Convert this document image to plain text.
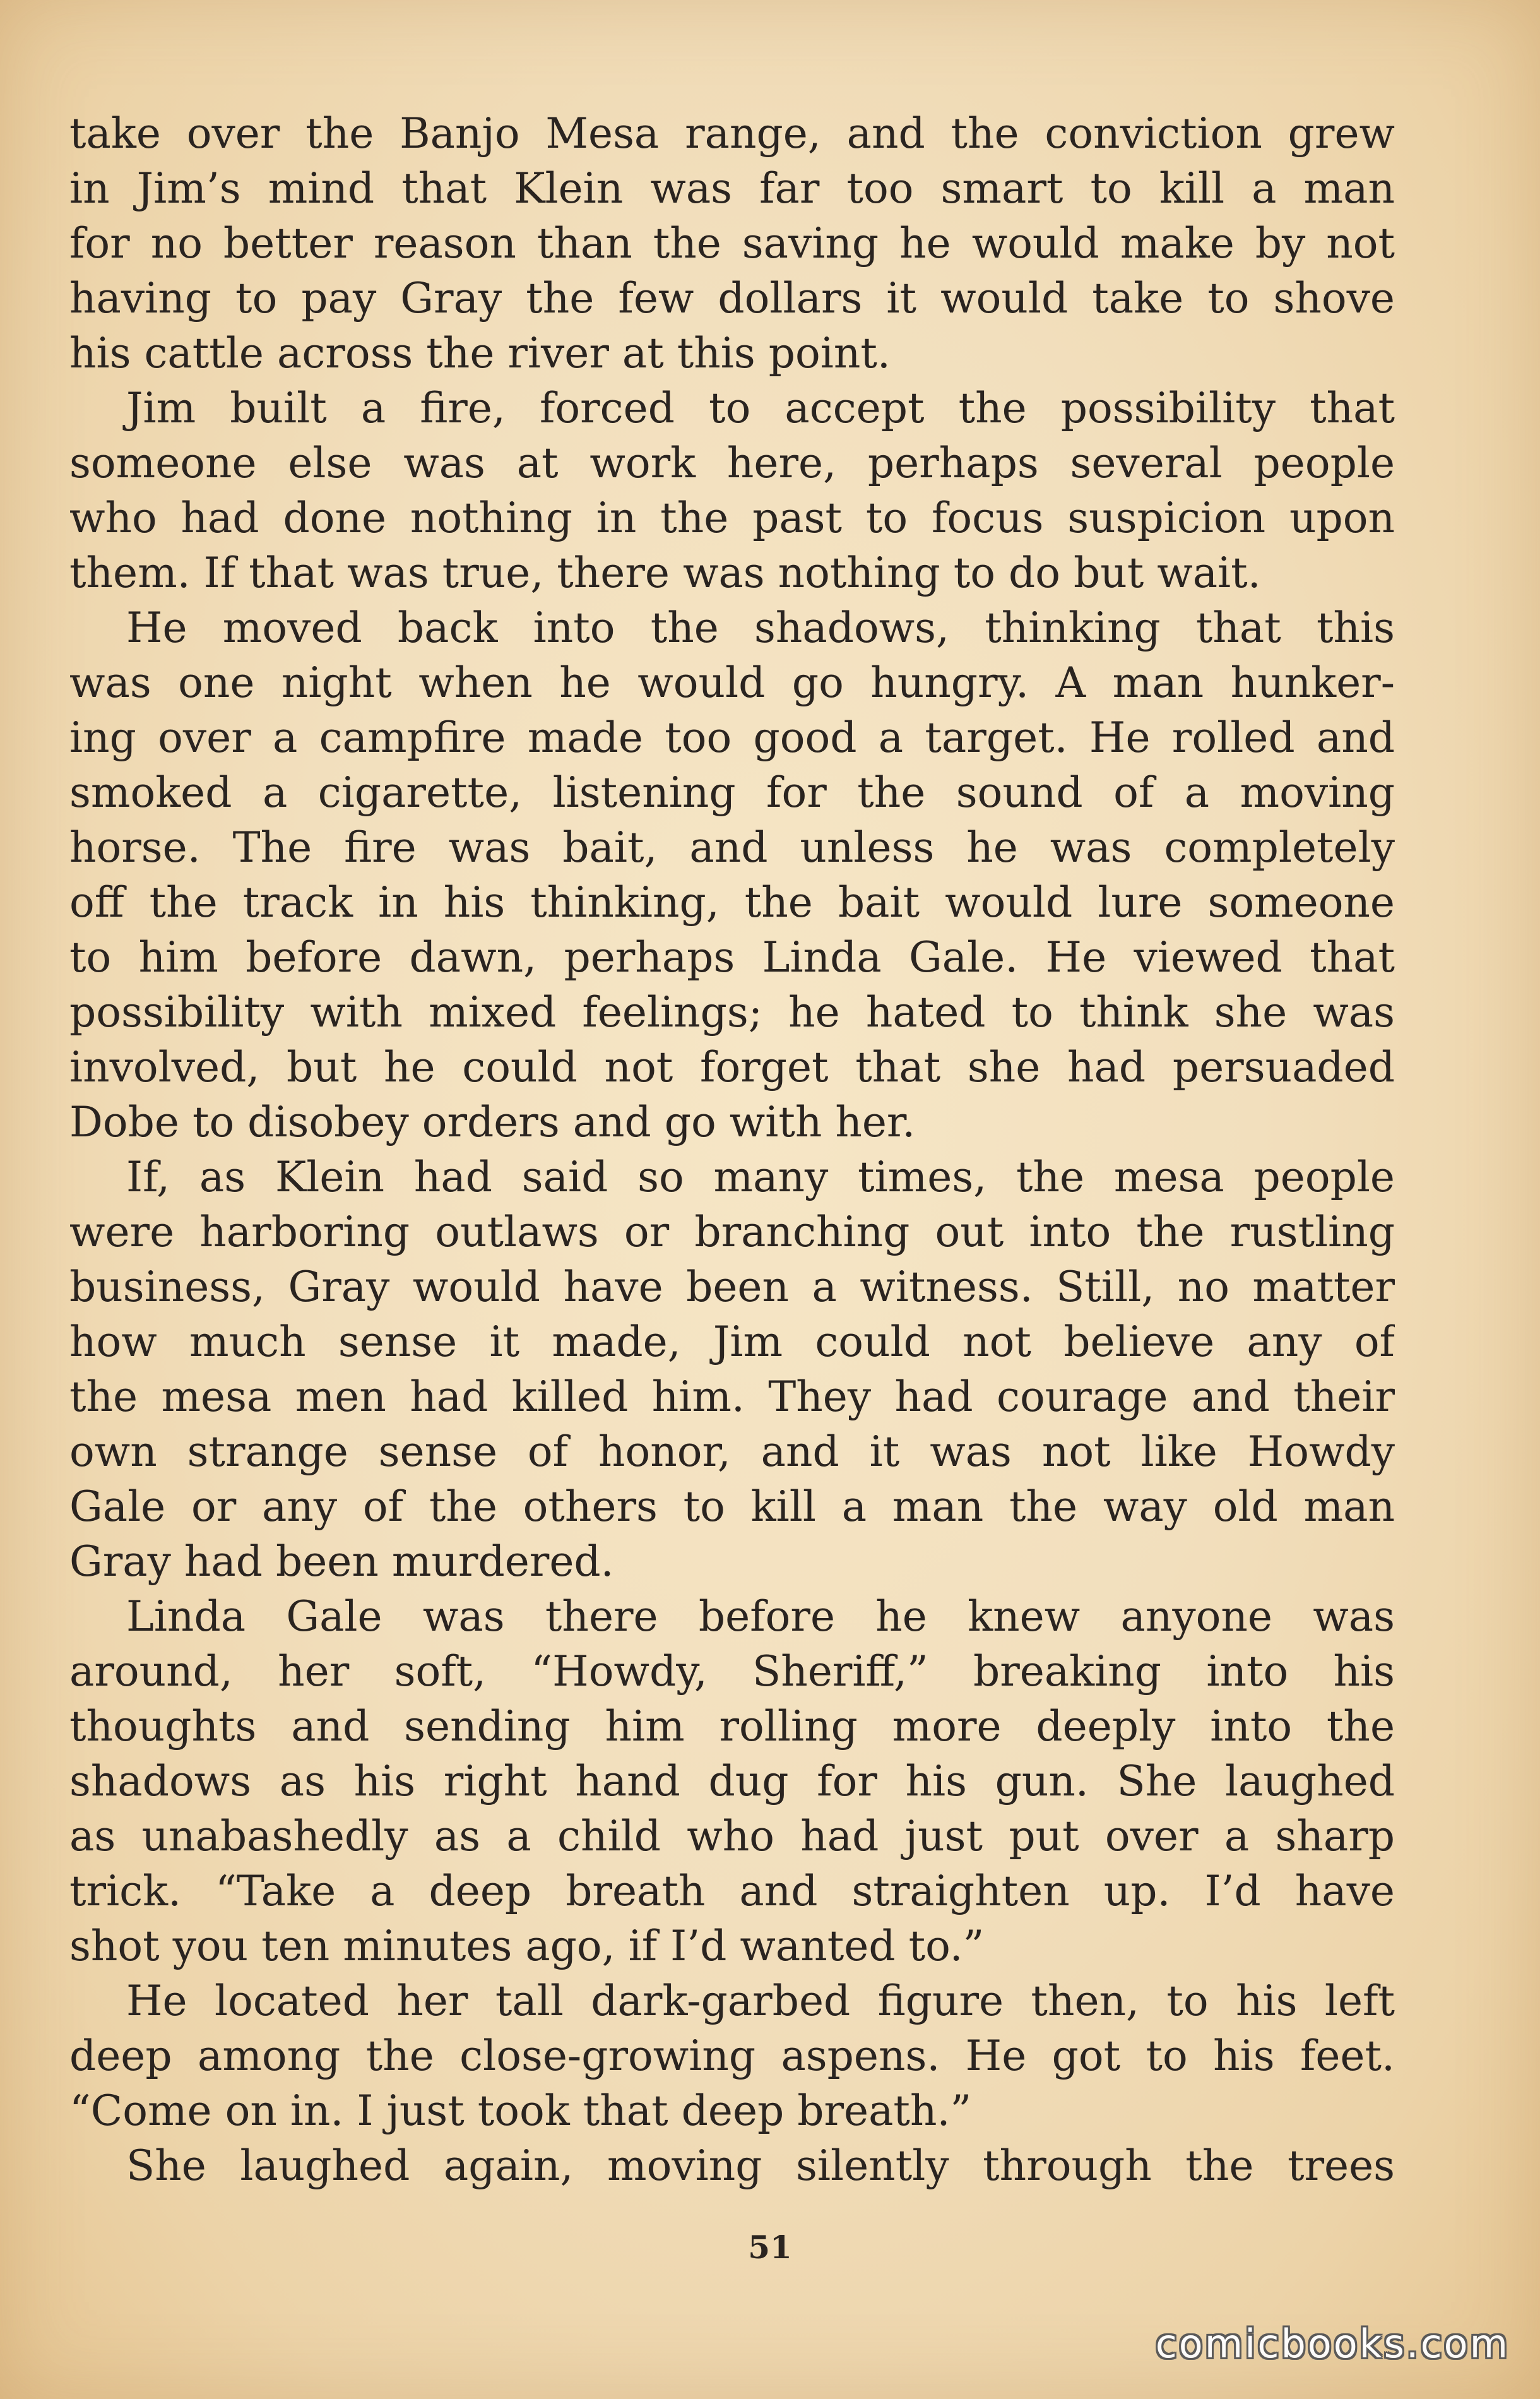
take over the Banjo Mesa range, and the conviction grew
in Jim’s mind that Klein was far too smart to kill a man
for no better reason than the saving he would make by not
having to pay Gray the few dollars it would take to shove
his cattle across the river at this point.
Jim built a fire, forced to accept the possibility that
someone else was at work here, perhaps several people
who had done nothing in the past to focus suspicion upon
them. If that was true, there was nothing to do but wait.
He moved back into the shadows, thinking that this
was one night when he would go hungry. A man hunker-
ing over a campfire made too good a target. He rolled and
smoked a cigarette, listening for the sound of a moving
horse. The fire was bait, and unless he was completely
off the track in his thinking, the bait would lure someone
to him before dawn, perhaps Linda Gale. He viewed that
possibility with mixed feelings; he hated to think she was
involved, but he could not forget that she had persuaded
Dobe to disobey orders and go with her.
If, as Klein had said so many times, the mesa people
were harboring outlaws or branching out into the rustling
business, Gray would have been a witness. Still, no matter
how much sense it made, Jim could not believe any of
the mesa men had killed him. They had courage and their
own strange sense of honor, and it was not like Howdy
Gale or any of the others to kill a man the way old man
Gray had been murdered.
Linda Gale was there before he knew anyone was
around, her soft, “Howdy, Sheriff,” breaking into his
thoughts and sending him rolling more deeply into the
shadows as his right hand dug for his gun. She laughed
as unabashedly as a child who had just put over a sharp
trick. “Take a deep breath and straighten up. I’d have
shot you ten minutes ago, if I’d wanted to.”
He located her tall dark-garbed figure then, to his left
deep among the close-growing aspens. He got to his feet.
“Come on in. I just took that deep breath.”
She laughed again, moving silently through the trees
51
comicbooks.com
